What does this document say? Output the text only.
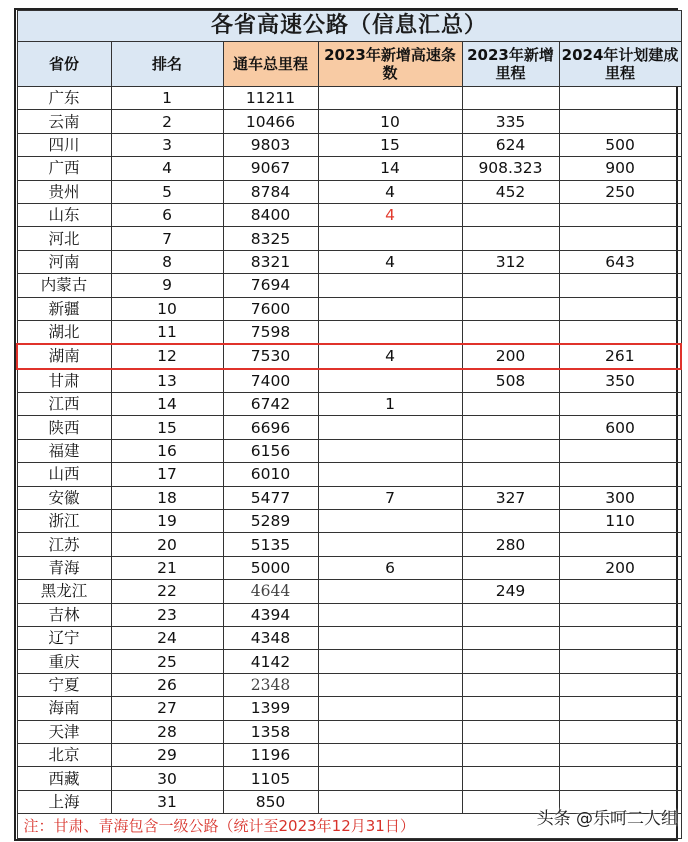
各省高速公路（信息汇总）					
省份	排名	通车总里程	2023年新增高速条数	2023年新增里程	2024年计划建成里程
广东	1	11211			
云南	2	10466	10	335	
四川	3	9803	15	624	500
广西	4	9067	14	908.323	900
贵州	5	8784	4	452	250
山东	6	8400	4		
河北	7	8325			
河南	8	8321	4	312	643
内蒙古	9	7694			
新疆	10	7600			
湖北	11	7598			
湖南	12	7530	4	200	261
甘肃	13	7400		508	350
江西	14	6742	1		
陕西	15	6696			600
福建	16	6156			
山西	17	6010			
安徽	18	5477	7	327	300
浙江	19	5289			110
江苏	20	5135		280	
青海	21	5000	6		200
黑龙江	22	4644		249	
吉林	23	4394			
辽宁	24	4348			
重庆	25	4142			
宁夏	26	2348			
海南	27	1399			
天津	28	1358			
北京	29	1196			
西藏	30	1105			
上海	31	850			
注：甘肃、青海包含一级公路（统计至2023年12月31日）						头条 @乐呵二人组
